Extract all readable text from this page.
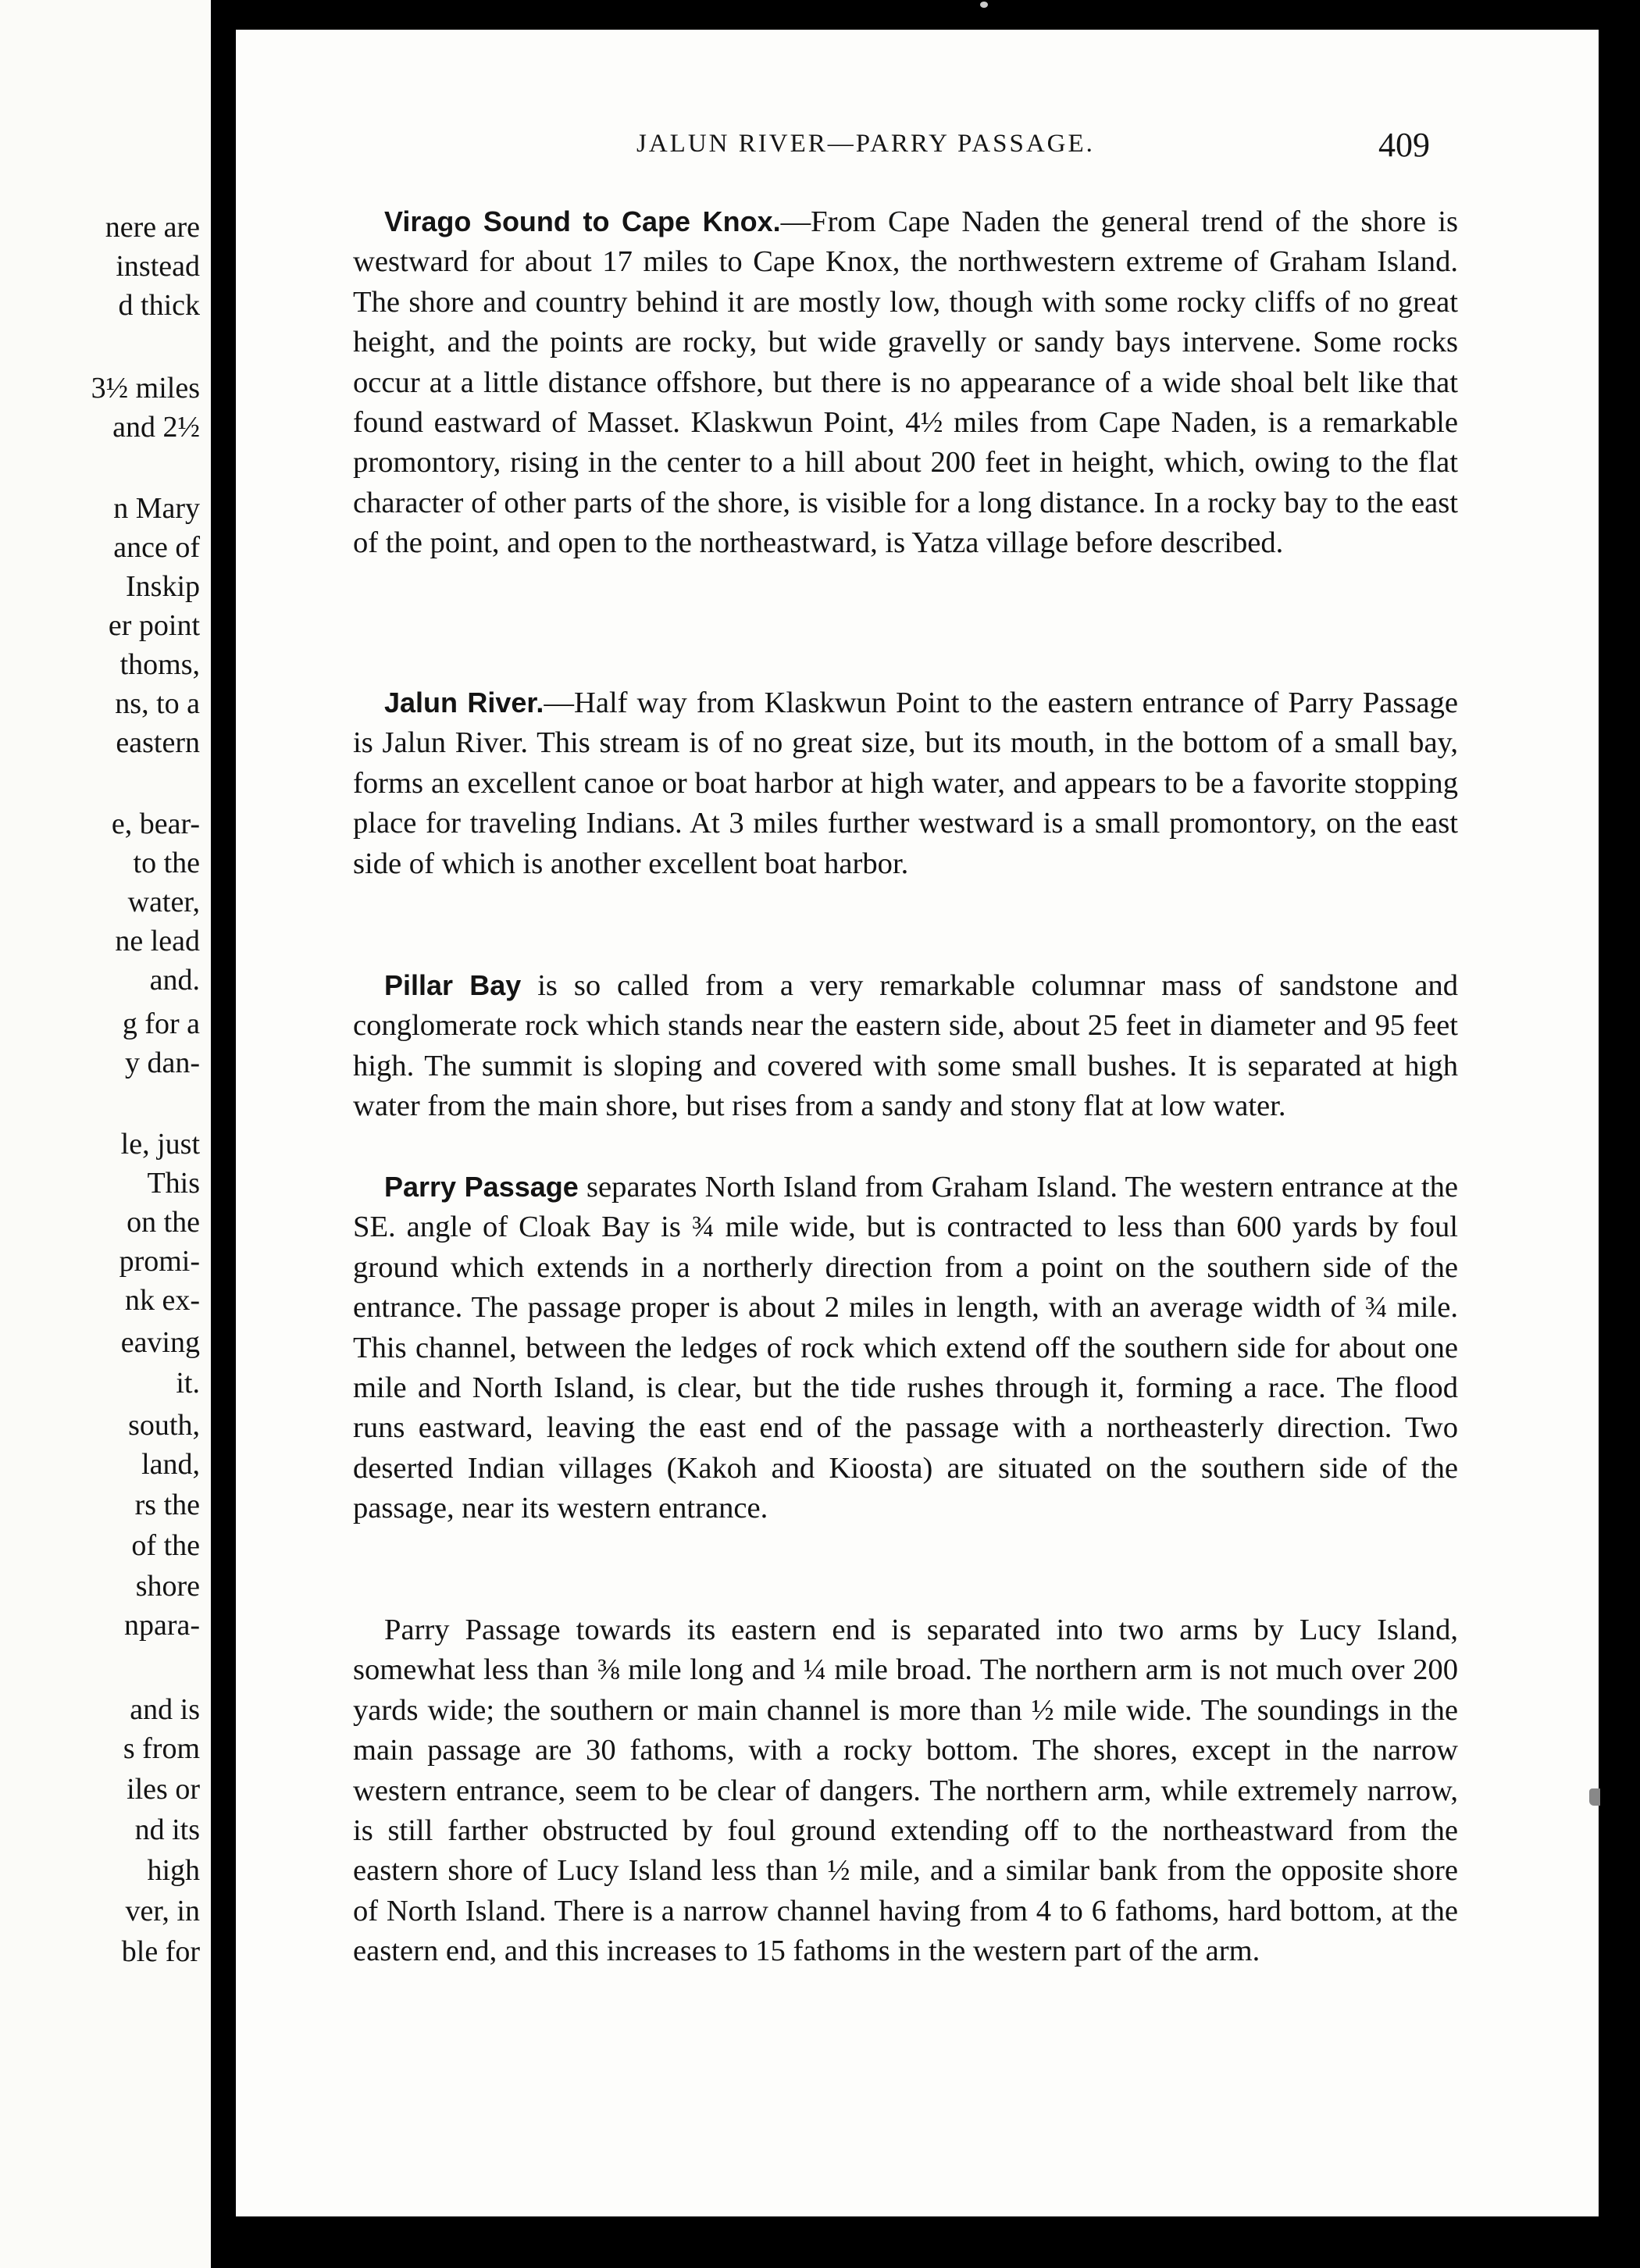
nere are
instead
d thick
3½ miles
and 2½
n Mary
ance of
Inskip
er point
thoms,
ns, to a
eastern
e, bear-
to the
water,
ne lead
and.
g for a
y dan-
le, just
This
on the
promi-
nk ex-
eaving
it.
south,
land,
rs the
of the
shore
npara-
and is
s from
iles or
nd its
high
ver, in
ble for
JALUN RIVER—PARRY PASSAGE.	409

Virago Sound to Cape Knox.—From Cape Naden the general trend of the shore is westward for about 17 miles to Cape Knox, the northwestern extreme of Graham Island. The shore and country behind it are mostly low, though with some rocky cliffs of no great height, and the points are rocky, but wide gravelly or sandy bays intervene. Some rocks occur at a little distance offshore, but there is no appearance of a wide shoal belt like that found eastward of Masset. Klaskwun Point, 4½ miles from Cape Naden, is a remarkable promontory, rising in the center to a hill about 200 feet in height, which, owing to the flat character of other parts of the shore, is visible for a long distance. In a rocky bay to the east of the point, and open to the northeastward, is Yatza village before described.

Jalun River.—Half way from Klaskwun Point to the eastern entrance of Parry Passage is Jalun River. This stream is of no great size, but its mouth, in the bottom of a small bay, forms an excellent canoe or boat harbor at high water, and appears to be a favorite stopping place for traveling Indians. At 3 miles further westward is a small promontory, on the east side of which is another excellent boat harbor.

Pillar Bay is so called from a very remarkable columnar mass of sandstone and conglomerate rock which stands near the eastern side, about 25 feet in diameter and 95 feet high. The summit is sloping and covered with some small bushes. It is separated at high water from the main shore, but rises from a sandy and stony flat at low water.

Parry Passage separates North Island from Graham Island. The western entrance at the SE. angle of Cloak Bay is ¾ mile wide, but is contracted to less than 600 yards by foul ground which extends in a northerly direction from a point on the southern side of the entrance. The passage proper is about 2 miles in length, with an average width of ¾ mile. This channel, between the ledges of rock which extend off the southern side for about one mile and North Island, is clear, but the tide rushes through it, forming a race. The flood runs eastward, leaving the east end of the passage with a northeasterly direction. Two deserted Indian villages (Kakoh and Kioosta) are situated on the southern side of the passage, near its western entrance.

Parry Passage towards its eastern end is separated into two arms by Lucy Island, somewhat less than ⅜ mile long and ¼ mile broad. The northern arm is not much over 200 yards wide; the southern or main channel is more than ½ mile wide. The soundings in the main passage are 30 fathoms, with a rocky bottom. The shores, except in the narrow western entrance, seem to be clear of dangers. The northern arm, while extremely narrow, is still farther obstructed by foul ground extending off to the northeastward from the eastern shore of Lucy Island less than ½ mile, and a similar bank from the opposite shore of North Island. There is a narrow channel having from 4 to 6 fathoms, hard bottom, at the eastern end, and this increases to 15 fathoms in the western part of the arm.
